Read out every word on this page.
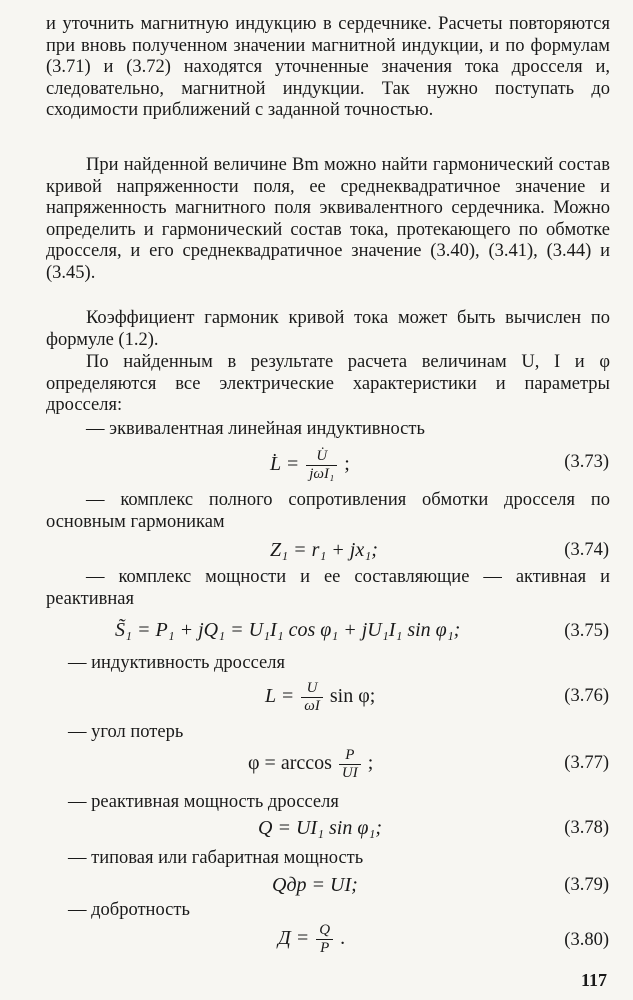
и уточнить магнитную индукцию в сердечнике. Расчеты повторяются при вновь полученном значении магнитной индукции, и по формулам (3.71) и (3.72) находятся уточненные значения тока дросселя и, следовательно, магнитной индукции. Так нужно поступать до сходимости приближений с заданной точностью.

При найденной величине Bm можно найти гармонический состав кривой напряженности поля, ее среднеквадратичное значение и напряженность магнитного поля эквивалентного сердечника. Можно определить и гармонический состав тока, протекающего по обмотке дросселя, и его среднеквадратичное значение (3.40), (3.41), (3.44) и (3.45).

Коэффициент гармоник кривой тока может быть вычислен по формуле (1.2).

По найденным в результате расчета величинам U, I и φ определяются все электрические характеристики и параметры дросселя:

— эквивалентная линейная индуктивность
L̇ = $\frac{U̇}{\text{jωI₁}}$ ;	(3.73)

— комплекс полного сопротивления обмотки дросселя по основным гармоникам

Z₁ = r₁ + jx₁;	(3.74)

— комплекс мощности и ее составляющие — активная и реактивная

S̃₁ = P₁ + jQ₁ = U₁I₁ cos φ₁ + jU₁I₁ sin φ₁;	(3.75)
— индуктивность дросселя
$L = \frac{U}{\omega I}$ sin φ;	(3.76)
— угол потерь
$\varphi = \arccos \frac{P}{UI}$ ;	(3.77)
— реактивная мощность дросселя
Q = UI₁ sin φ₁;	(3.78)
— типовая или габаритная мощность
Qдр = UI;	(3.79)
— добротность
$Д = \frac{Q}{P}$ .	(3.80)
117
